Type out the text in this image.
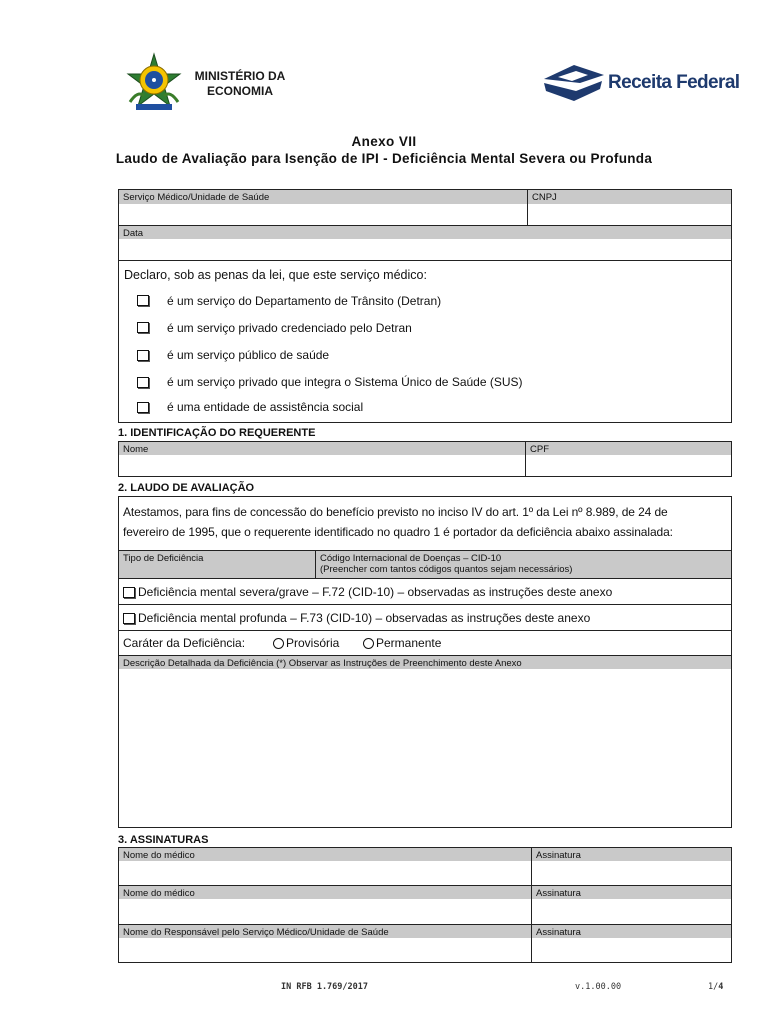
MINISTÉRIO DA
ECONOMIA	Receita Federal
Anexo VII
Laudo de Avaliação para Isenção de IPI - Deficiência Mental Severa ou Profunda
Serviço Médico/Unidade de Saúde	CNPJ
Data
Declaro, sob as penas da lei, que este serviço médico:
é um serviço do Departamento de Trânsito (Detran)
é um serviço privado credenciado pelo Detran
é um serviço público de saúde
é um serviço privado que integra o Sistema Único de Saúde (SUS)
é uma entidade de assistência social
1. IDENTIFICAÇÃO DO REQUERENTE
Nome	CPF
2. LAUDO DE AVALIAÇÃO
Atestamos, para fins de concessão do benefício previsto no inciso IV do art. 1º da Lei nº 8.989, de 24 de
fevereiro de 1995, que o requerente identificado no quadro 1 é portador da deficiência abaixo assinalada:
Tipo de Deficiência	Código Internacional de Doenças – CID-10
(Preencher com tantos códigos quantos sejam necessários)
Deficiência mental severa/grave – F.72 (CID-10) – observadas as instruções deste anexo
Deficiência mental profunda – F.73 (CID-10) – observadas as instruções deste anexo
Caráter da Deficiência:	Provisória	Permanente
Descrição Detalhada da Deficiência (*) Observar as Instruções de Preenchimento deste Anexo
3. ASSINATURAS
Nome do médico	Assinatura
Nome do médico	Assinatura
Nome do Responsável pelo Serviço Médico/Unidade de Saúde	Assinatura
IN RFB 1.769/2017	v.1.00.00	1/4
